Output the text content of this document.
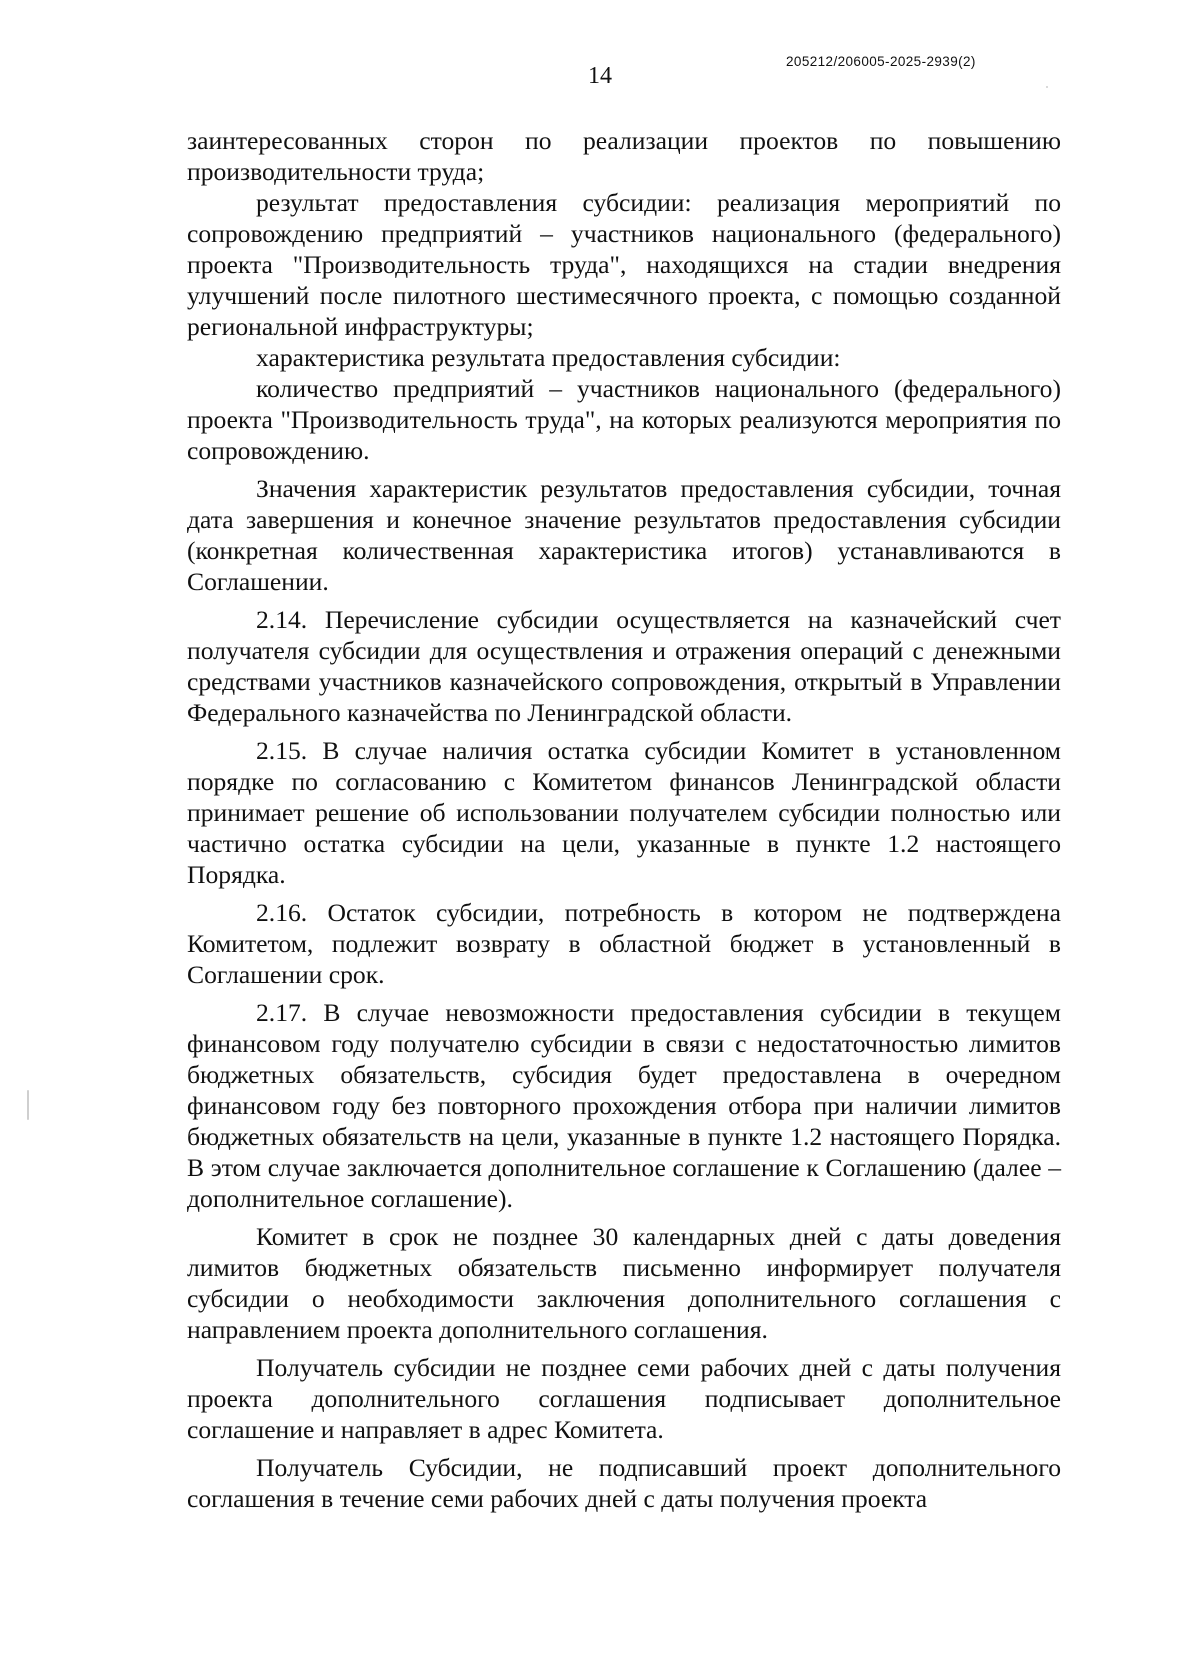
14
205212/206005-2025-2939(2)

заинтересованных сторон по реализации проектов по повышению производительности труда;

результат предоставления субсидии: реализация мероприятий по сопровождению предприятий – участников национального (федерального) проекта "Производительность труда", находящихся на стадии внедрения улучшений после пилотного шестимесячного проекта, с помощью созданной региональной инфраструктуры;

характеристика результата предоставления субсидии:

количество предприятий – участников национального (федерального) проекта "Производительность труда", на которых реализуются мероприятия по сопровождению.

Значения характеристик результатов предоставления субсидии, точная дата завершения и конечное значение результатов предоставления субсидии (конкретная количественная характеристика итогов) устанавливаются в Соглашении.

2.14. Перечисление субсидии осуществляется на казначейский счет получателя субсидии для осуществления и отражения операций с денежными средствами участников казначейского сопровождения, открытый в Управлении Федерального казначейства по Ленинградской области.

2.15. В случае наличия остатка субсидии Комитет в установленном порядке по согласованию с Комитетом финансов Ленинградской области принимает решение об использовании получателем субсидии полностью или частично остатка субсидии на цели, указанные в пункте 1.2 настоящего Порядка.

2.16. Остаток субсидии, потребность в котором не подтверждена Комитетом, подлежит возврату в областной бюджет в установленный в Соглашении срок.

2.17. В случае невозможности предоставления субсидии в текущем финансовом году получателю субсидии в связи с недостаточностью лимитов бюджетных обязательств, субсидия будет предоставлена в очередном финансовом году без повторного прохождения отбора при наличии лимитов бюджетных обязательств на цели, указанные в пункте 1.2 настоящего Порядка. В этом случае заключается дополнительное соглашение к Соглашению (далее – дополнительное соглашение).

Комитет в срок не позднее 30 календарных дней с даты доведения лимитов бюджетных обязательств письменно информирует получателя субсидии о необходимости заключения дополнительного соглашения с направлением проекта дополнительного соглашения.

Получатель субсидии не позднее семи рабочих дней с даты получения проекта дополнительного соглашения подписывает дополнительное соглашение и направляет в адрес Комитета.

Получатель Субсидии, не подписавший проект дополнительного соглашения в течение семи рабочих дней с даты получения проекта
